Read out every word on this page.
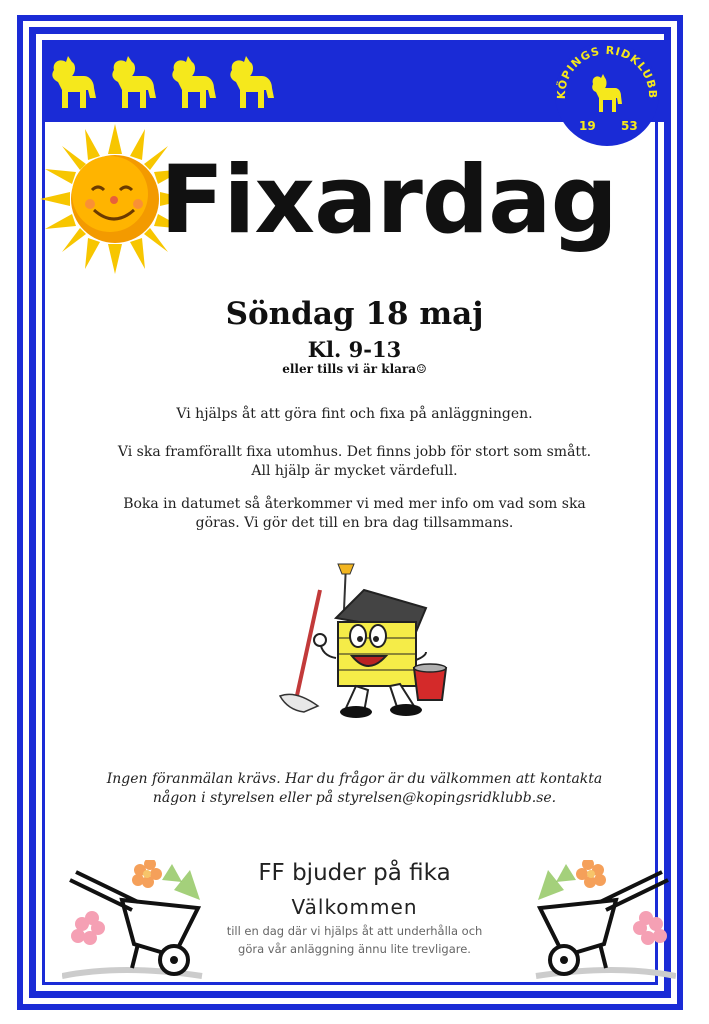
KÖPINGS RIDKLUBB
19 53
Fixardag
Söndag 18 maj
Kl. 9-13
eller tills vi är klara☺
Vi hjälps åt att göra fint och fixa på anläggningen.
Vi ska framförallt fixa utomhus. Det finns jobb för stort som smått.
All hjälp är mycket värdefull.
Boka in datumet så återkommer vi med mer info om vad som ska
göras. Vi gör det till en bra dag tillsammans.
Ingen föranmälan krävs. Har du frågor är du välkommen att kontakta
någon i styrelsen eller på styrelsen@kopingsridklubb.se.
FF bjuder på fika
Välkommen
till en dag där vi hjälps åt att underhålla och
göra vår anläggning ännu lite trevligare.
